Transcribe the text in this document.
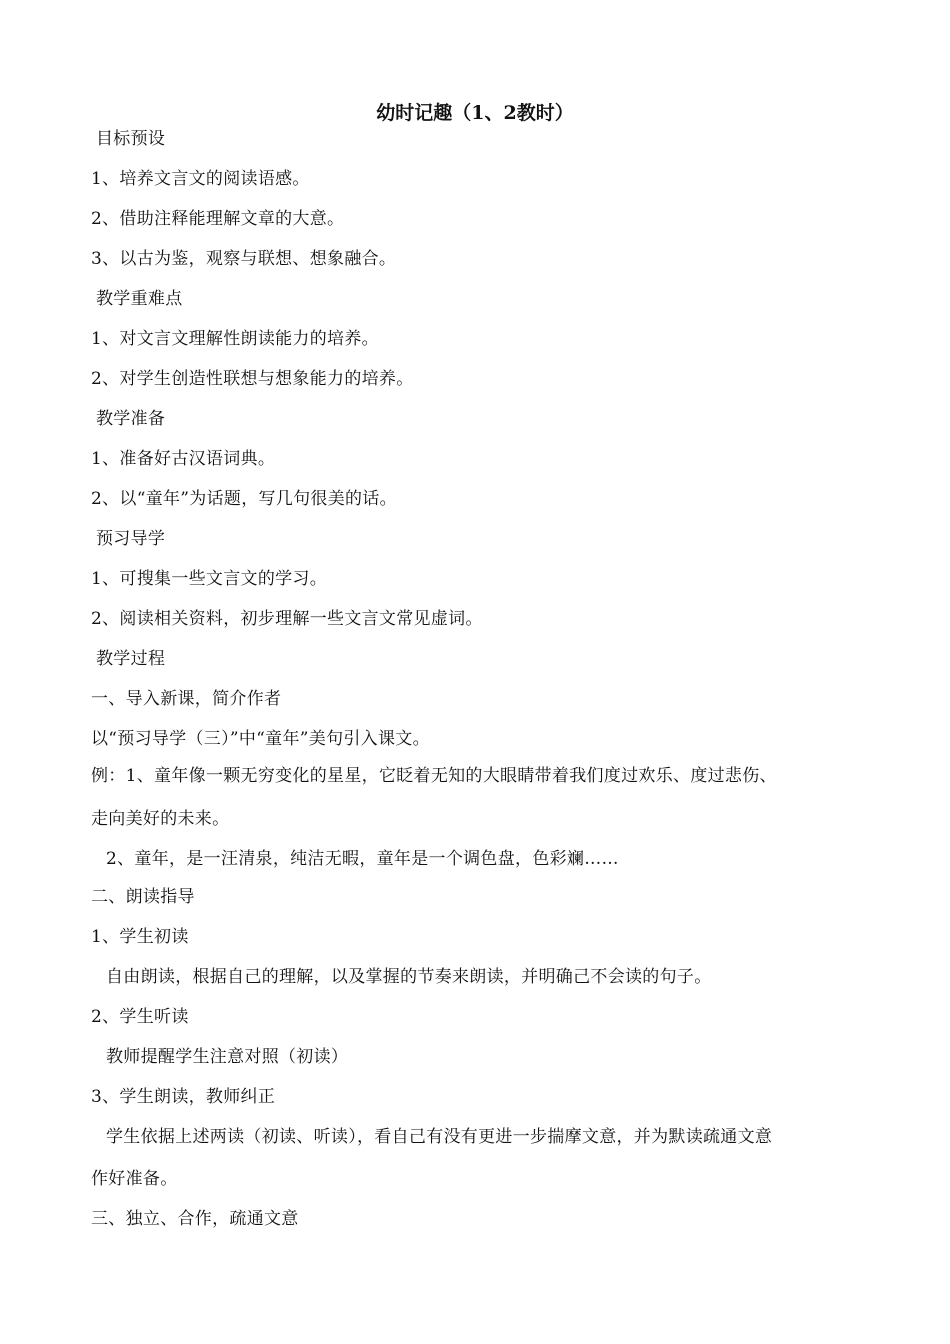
幼时记趣（1、2教时）
目标预设
1、培养文言文的阅读语感。
2、借助注释能理解文章的大意。
3、以古为鉴，观察与联想、想象融合。
教学重难点
1、对文言文理解性朗读能力的培养。
2、对学生创造性联想与想象能力的培养。
教学准备
1、准备好古汉语词典。
2、以“童年”为话题，写几句很美的话。
预习导学
1、可搜集一些文言文的学习。
2、阅读相关资料，初步理解一些文言文常见虚词。
教学过程
一、导入新课，简介作者
以“预习导学（三）”中“童年”美句引入课文。
例：1、童年像一颗无穷变化的星星，它眨着无知的大眼睛带着我们度过欢乐、度过悲伤、
走向美好的未来。
2、童年，是一汪清泉，纯洁无暇，童年是一个调色盘，色彩斓……
二、朗读指导
1、学生初读
自由朗读，根据自己的理解，以及掌握的节奏来朗读，并明确己不会读的句子。
2、学生听读
教师提醒学生注意对照（初读）
3、学生朗读，教师纠正
学生依据上述两读（初读、听读），看自己有没有更进一步揣摩文意，并为默读疏通文意
作好准备。
三、独立、合作，疏通文意
